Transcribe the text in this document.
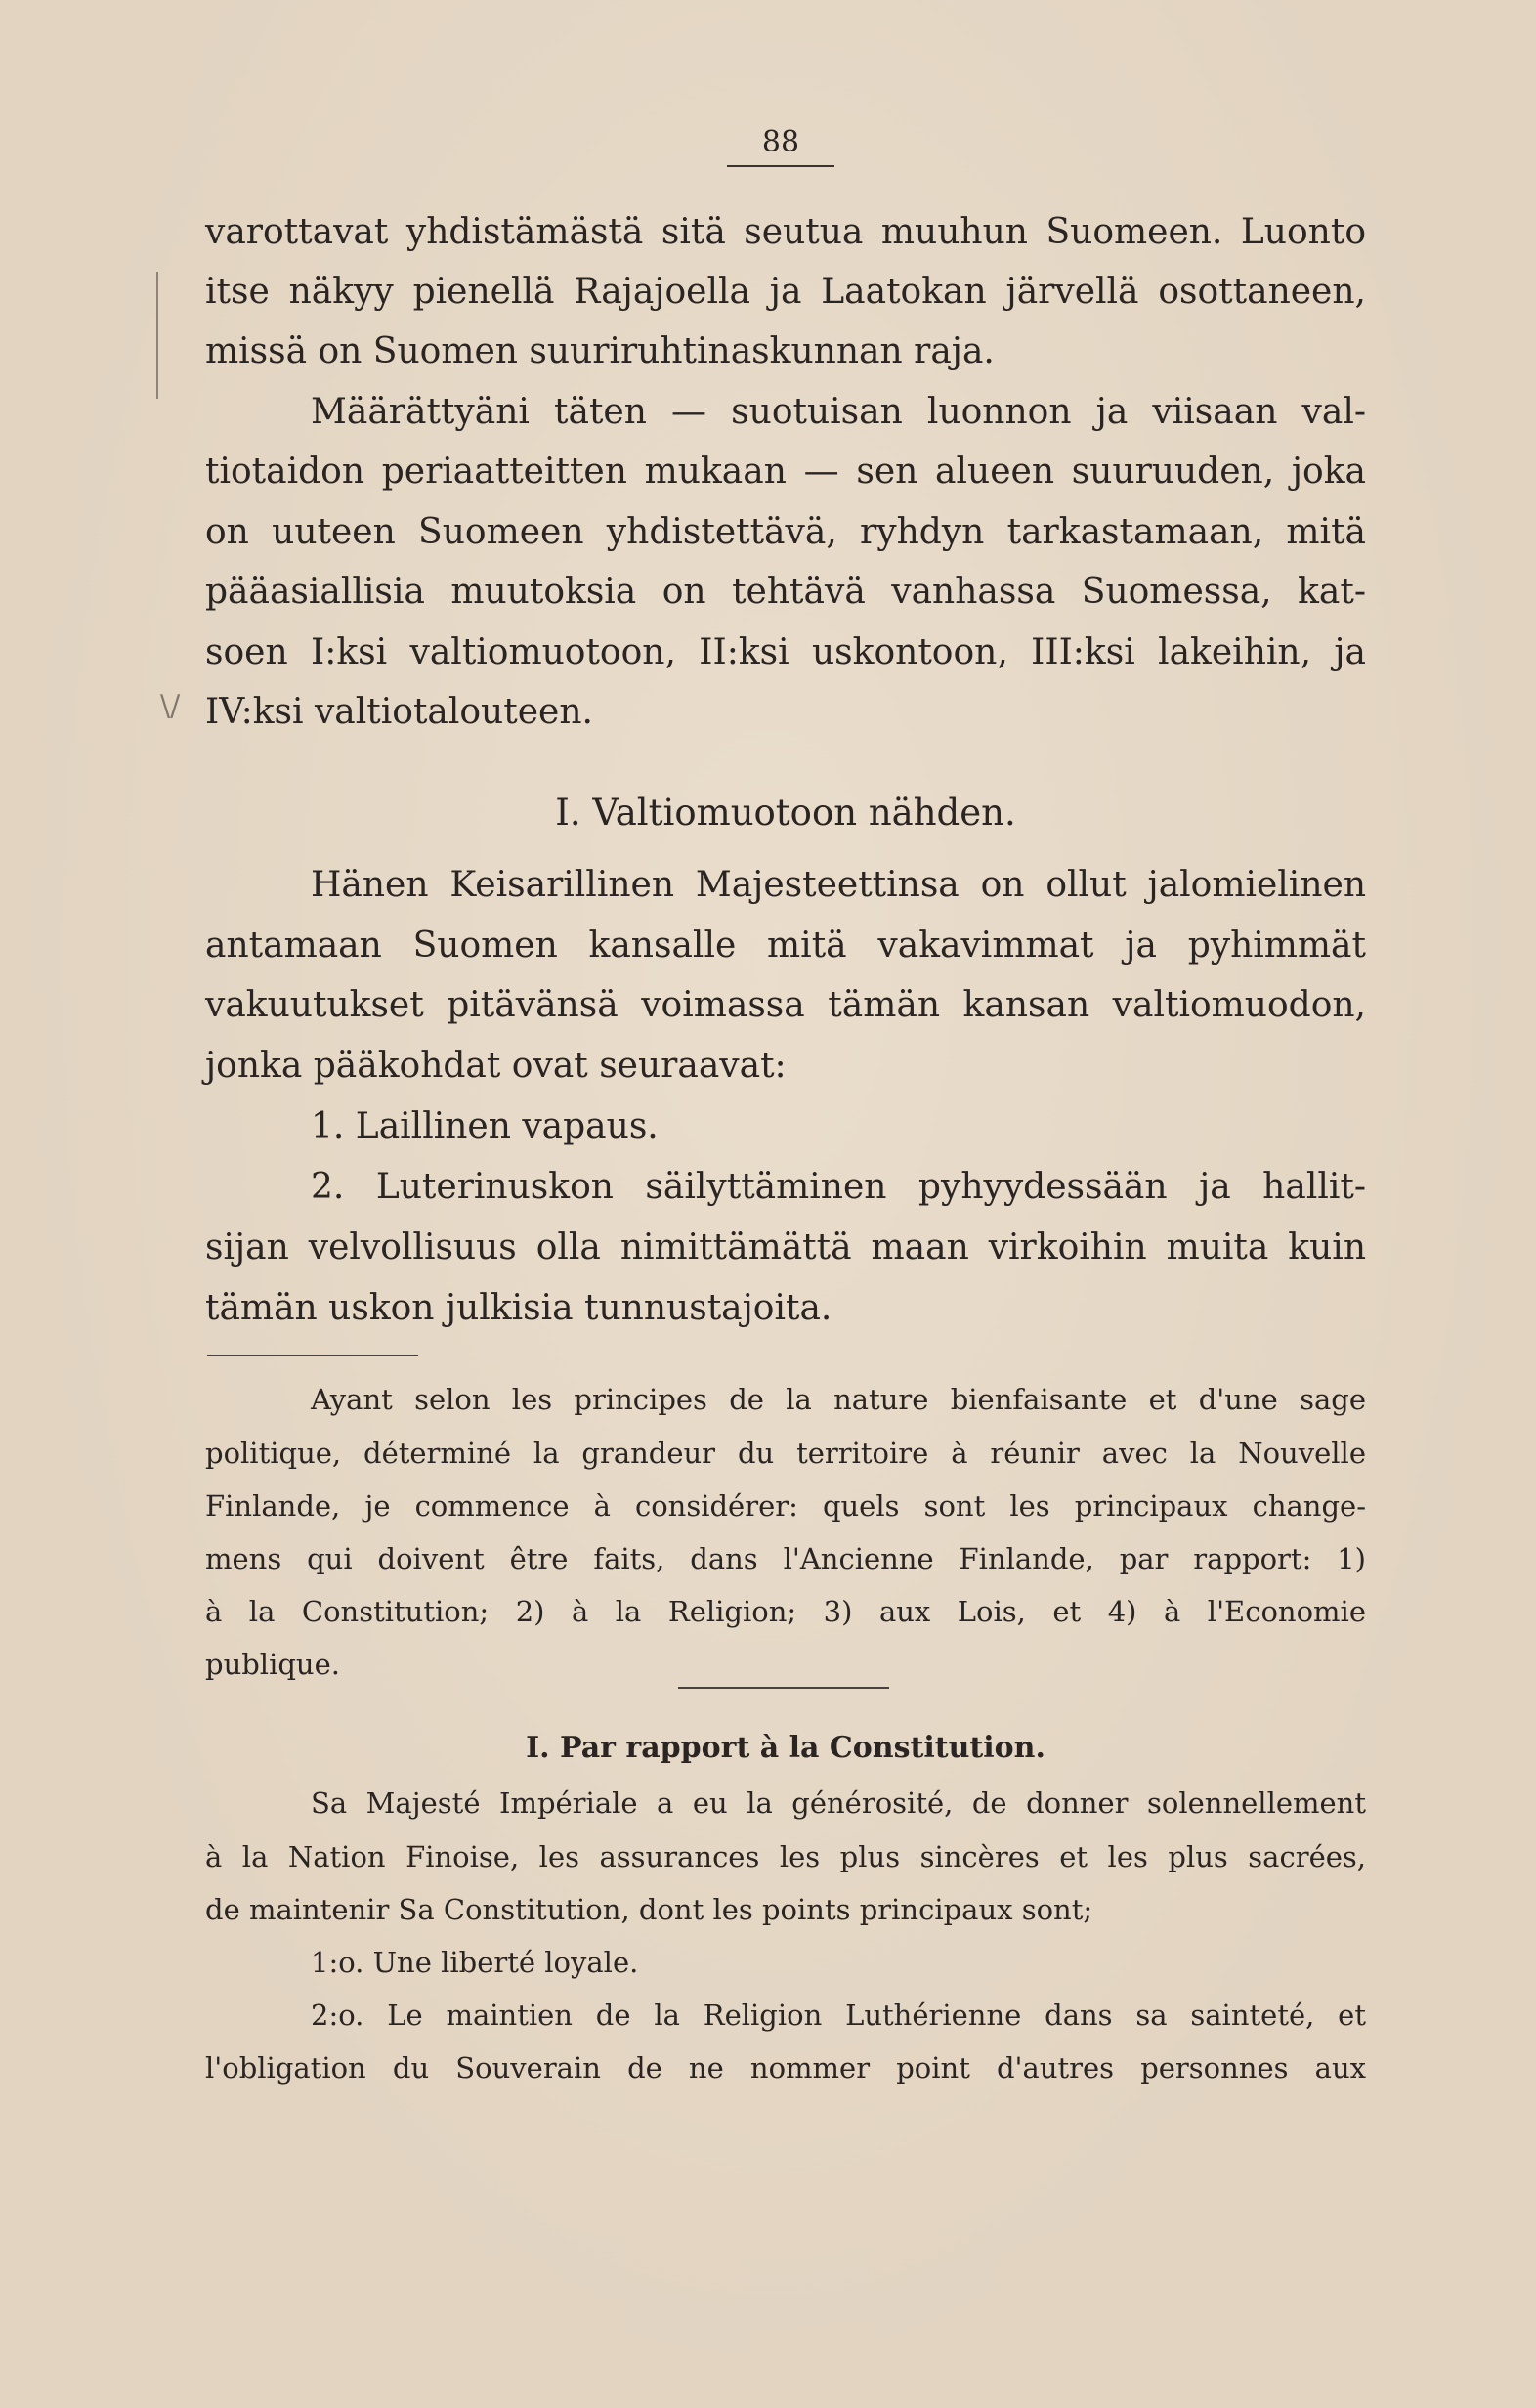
88
\/
varottavat yhdistämästä sitä seutua muuhun Suomeen. Luonto
itse näkyy pienellä Rajajoella ja Laatokan järvellä osottaneen,
missä on Suomen suuriruhtinaskunnan raja.
Määrättyäni täten — suotuisan luonnon ja viisaan val-
tiotaidon periaatteitten mukaan — sen alueen suuruuden, joka
on uuteen Suomeen yhdistettävä, ryhdyn tarkastamaan, mitä
pääasiallisia muutoksia on tehtävä vanhassa Suomessa, kat-
soen I:ksi valtiomuotoon, II:ksi uskontoon, III:ksi lakeihin, ja
IV:ksi valtiotalouteen.
I. Valtiomuotoon nähden.
Hänen Keisarillinen Majesteettinsa on ollut jalomielinen
antamaan Suomen kansalle mitä vakavimmat ja pyhimmät
vakuutukset pitävänsä voimassa tämän kansan valtiomuodon,
jonka pääkohdat ovat seuraavat:
1. Laillinen vapaus.
2. Luterinuskon säilyttäminen pyhyydessään ja hallit-
sijan velvollisuus olla nimittämättä maan virkoihin muita kuin
tämän uskon julkisia tunnustajoita.
Ayant selon les principes de la nature bienfaisante et d'une sage
politique, déterminé la grandeur du territoire à réunir avec la Nouvelle
Finlande, je commence à considérer: quels sont les principaux change-
mens qui doivent être faits, dans l'Ancienne Finlande, par rapport: 1)
à la Constitution; 2) à la Religion; 3) aux Lois, et 4) à l'Economie
publique.
I. Par rapport à la Constitution.
Sa Majesté Impériale a eu la générosité, de donner solennellement
à la Nation Finoise, les assurances les plus sincères et les plus sacrées,
de maintenir Sa Constitution, dont les points principaux sont;
1:o. Une liberté loyale.
2:o. Le maintien de la Religion Luthérienne dans sa sainteté, et
l'obligation du Souverain de ne nommer point d'autres personnes aux
